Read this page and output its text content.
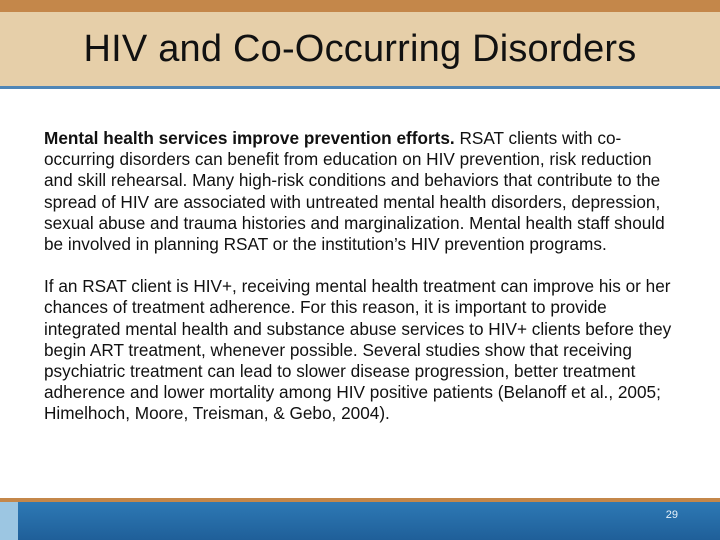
HIV and Co-Occurring Disorders

Mental health services improve prevention efforts. RSAT clients with co-occurring disorders can benefit from education on HIV prevention, risk reduction and skill rehearsal. Many high-risk conditions and behaviors that contribute to the spread of HIV are associated with untreated mental health disorders, depression, sexual abuse and trauma histories and marginalization. Mental health staff should be involved in planning RSAT or the institution’s HIV prevention programs.

If an RSAT client is HIV+, receiving mental health treatment can improve his or her chances of treatment adherence. For this reason, it is important to provide integrated mental health and substance abuse services to HIV+ clients before they begin ART treatment, whenever possible. Several studies show that receiving psychiatric treatment can lead to slower disease progression, better treatment adherence and lower mortality among HIV positive patients (Belanoff et al., 2005; Himelhoch, Moore, Treisman, & Gebo, 2004).

29
